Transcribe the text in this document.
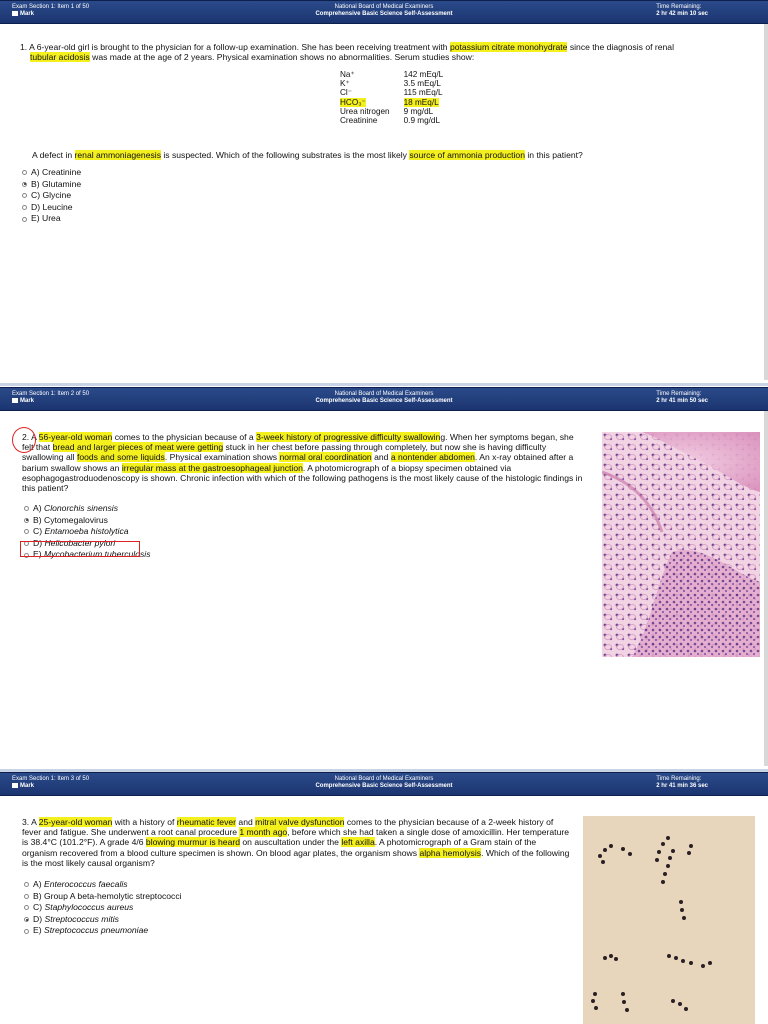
Exam Section 1: Item 1 of 50
Mark
National Board of Medical Examiners
Comprehensive Basic Science Self-Assessment
Time Remaining:
2 hr 42 min 10 sec
1. A 6-year-old girl is brought to the physician for a follow-up examination. She has been receiving treatment with potassium citrate monohydrate since the diagnosis of renal
tubular acidosis was made at the age of 2 years. Physical examination shows no abnormalities. Serum studies show:
Na⁺	142 mEq/L
K⁺	3.5 mEq/L
Cl⁻	115 mEq/L
HCO₃⁻	18 mEq/L
Urea nitrogen	9 mg/dL
Creatinine	0.9 mg/dL
A defect in renal ammoniagenesis is suspected. Which of the following substrates is the most likely source of ammonia production in this patient?
A) Creatinine
B) Glutamine
C) Glycine
D) Leucine
E) Urea
Exam Section 1: Item 2 of 50
Mark
National Board of Medical Examiners
Comprehensive Basic Science Self-Assessment
Time Remaining:
2 hr 41 min 50 sec
2. A 56-year-old woman comes to the physician because of a 3-week history of progressive difficulty swallowing. When her symptoms began, she felt that bread and larger pieces of meat were getting stuck in her chest before passing through completely, but now she is having difficulty swallowing all foods and some liquids. Physical examination shows normal oral coordination and a nontender abdomen. An x-ray obtained after a barium swallow shows an irregular mass at the gastroesophageal junction. A photomicrograph of a biopsy specimen obtained via esophagogastroduodenoscopy is shown. Chronic infection with which of the following pathogens is the most likely cause of the histologic findings in this patient?
A) Clonorchis sinensis
B) Cytomegalovirus
C) Entamoeba histolytica
D) Helicobacter pylori
E) Mycobacterium tuberculosis
Exam Section 1: Item 3 of 50
Mark
National Board of Medical Examiners
Comprehensive Basic Science Self-Assessment
Time Remaining:
2 hr 41 min 36 sec
3. A 25-year-old woman with a history of rheumatic fever and mitral valve dysfunction comes to the physician because of a 2-week history of fever and fatigue. She underwent a root canal procedure 1 month ago, before which she had taken a single dose of amoxicillin. Her temperature is 38.4°C (101.2°F). A grade 4/6 blowing murmur is heard on auscultation under the left axilla. A photomicrograph of a Gram stain of the organism recovered from a blood culture specimen is shown. On blood agar plates, the organism shows alpha hemolysis. Which of the following is the most likely causal organism?
A) Enterococcus faecalis
B) Group A beta-hemolytic streptococci
C) Staphylococcus aureus
D) Streptococcus mitis
E) Streptococcus pneumoniae
